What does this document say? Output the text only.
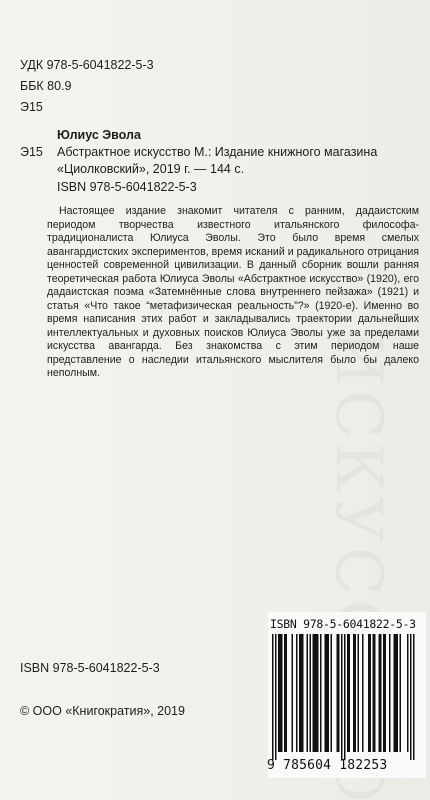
УДК 978-5-6041822-5-3
ББК 80.9
Э15
Юлиус Эвола
Э15 Абстрактное искусство М.: Издание книжного магазина
«Циолковский», 2019 г. — 144 с.
ISBN 978-5-6041822-5-3

Настоящее издание знакомит читателя с ранним, дадаистским периодом творчества известного итальянского философа-традиционалиста Юлиуса Эволы. Это было время смелых авангардистских экспериментов, время исканий и радикального отрицания ценностей современной цивилизации. В данный сборник вошли ранняя теоретическая работа Юлиуса Эволы «Абстрактное искусство» (1920), его дадаистская поэма «Затемнённые слова внутреннего пейзажа» (1921) и статья «Что такое “метафизическая реальность”?» (1920-е). Именно во время написания этих работ и закладывались траектории дальнейших интеллектуальных и духовных поисков Юлиуса Эволы уже за пределами искусства авангарда. Без знакомства с этим периодом наше представление о наследии итальянского мыслителя было бы далеко неполным.

ISBN 978-5-6041822-5-3
© ООО «Книгократия», 2019
ISBN 978-5-6041822-5-3
9 785604 182253
